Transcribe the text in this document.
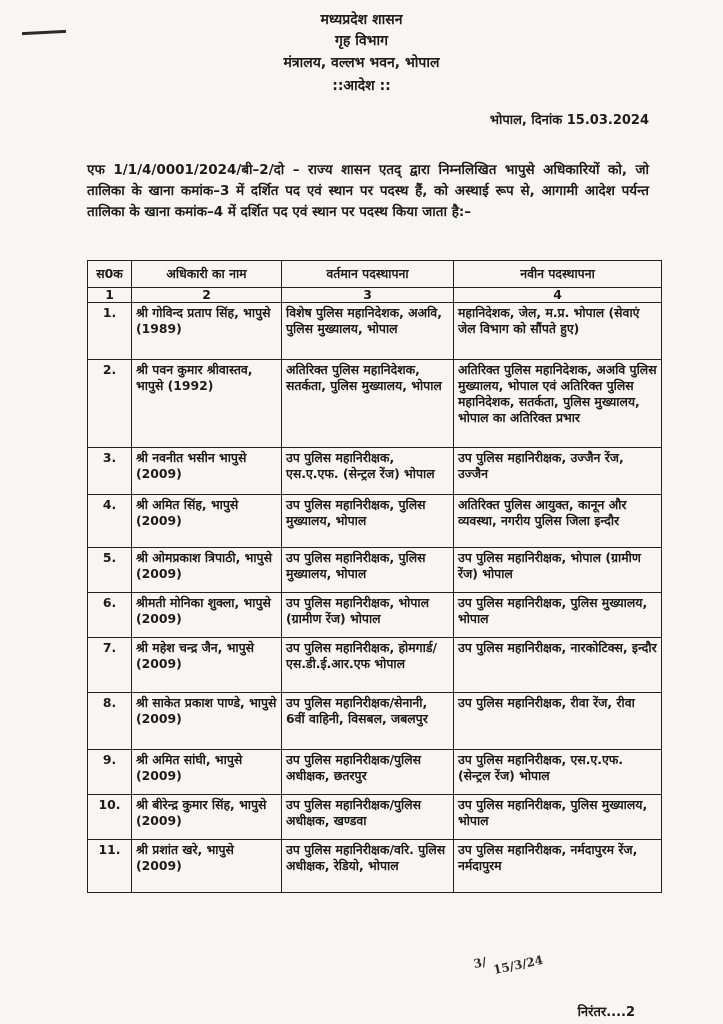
मध्यप्रदेश शासन

गृह विभाग

मंत्रालय, वल्लभ भवन, भोपाल

::आदेश ::

भोपाल, दिनांक 15.03.2024

एफ 1/1/4/0001/2024/बी–2/दो – राज्य शासन एतद् द्वारा निम्नलिखित भापुसे अधिकारियों को, जो तालिका के खाना कमांक–3 में दर्शित पद एवं स्थान पर पदस्थ हैं, को अस्थाई रूप से, आगामी आदेश पर्यन्त तालिका के खाना कमांक–4 में दर्शित पद एवं स्थान पर पदस्थ किया जाता है:–

स0क	अधिकारी का नाम	वर्तमान पदस्थापना	नवीन पदस्थापना
1	2	3	4
1.	श्री गोविन्द प्रताप सिंह, भापुसे (1989)	विशेष पुलिस महानिदेशक, अअवि, पुलिस मुख्यालय, भोपाल	महानिदेशक, जेल, म.प्र. भोपाल (सेवाएं जेल विभाग को सौंपते हुए)
2.	श्री पवन कुमार श्रीवास्तव, भापुसे (1992)	अतिरिक्त पुलिस महानिदेशक, सतर्कता, पुलिस मुख्यालय, भोपाल	अतिरिक्त पुलिस महानिदेशक, अअवि पुलिस मुख्यालय, भोपाल एवं अतिरिक्त पुलिस महानिदेशक, सतर्कता, पुलिस मुख्यालय, भोपाल का अतिरिक्त प्रभार
3.	श्री नवनीत भसीन भापुसे (2009)	उप पुलिस महानिरीक्षक, एस.ए.एफ. (सेन्ट्रल रेंज) भोपाल	उप पुलिस महानिरीक्षक, उज्जैन रेंज, उज्जैन
4.	श्री अमित सिंह, भापुसे (2009)	उप पुलिस महानिरीक्षक, पुलिस मुख्यालय, भोपाल	अतिरिक्त पुलिस आयुक्त, कानून और व्यवस्था, नगरीय पुलिस जिला इन्दौर
5.	श्री ओमप्रकाश त्रिपाठी, भापुसे (2009)	उप पुलिस महानिरीक्षक, पुलिस मुख्यालय, भोपाल	उप पुलिस महानिरीक्षक, भोपाल (ग्रामीण रेंज) भोपाल
6.	श्रीमती मोनिका शुक्ला, भापुसे (2009)	उप पुलिस महानिरीक्षक, भोपाल (ग्रामीण रेंज) भोपाल	उप पुलिस महानिरीक्षक, पुलिस मुख्यालय, भोपाल
7.	श्री महेश चन्द्र जैन, भापुसे (2009)	उप पुलिस महानिरीक्षक, होमगार्ड/एस.डी.ई.आर.एफ भोपाल	उप पुलिस महानिरीक्षक, नारकोटिक्स, इन्दौर
8.	श्री साकेत प्रकाश पाण्डे, भापुसे (2009)	उप पुलिस महानिरीक्षक/सेनानी, 6वीं वाहिनी, विसबल, जबलपुर	उप पुलिस महानिरीक्षक, रीवा रेंज, रीवा
9.	श्री अमित सांघी, भापुसे (2009)	उप पुलिस महानिरीक्षक/पुलिस अधीक्षक, छतरपुर	उप पुलिस महानिरीक्षक, एस.ए.एफ. (सेन्ट्रल रेंज) भोपाल
10.	श्री बीरेन्द्र कुमार सिंह, भापुसे (2009)	उप पुलिस महानिरीक्षक/पुलिस अधीक्षक, खण्डवा	उप पुलिस महानिरीक्षक, पुलिस मुख्यालय, भोपाल
11.	श्री प्रशांत खरे, भापुसे (2009)	उप पुलिस महानिरीक्षक/वरि. पुलिस अधीक्षक, रेडियो, भोपाल	उप पुलिस महानिरीक्षक, नर्मदापुरम रेंज, नर्मदापुरम
3/ 15/3/24
निरंतर....2
